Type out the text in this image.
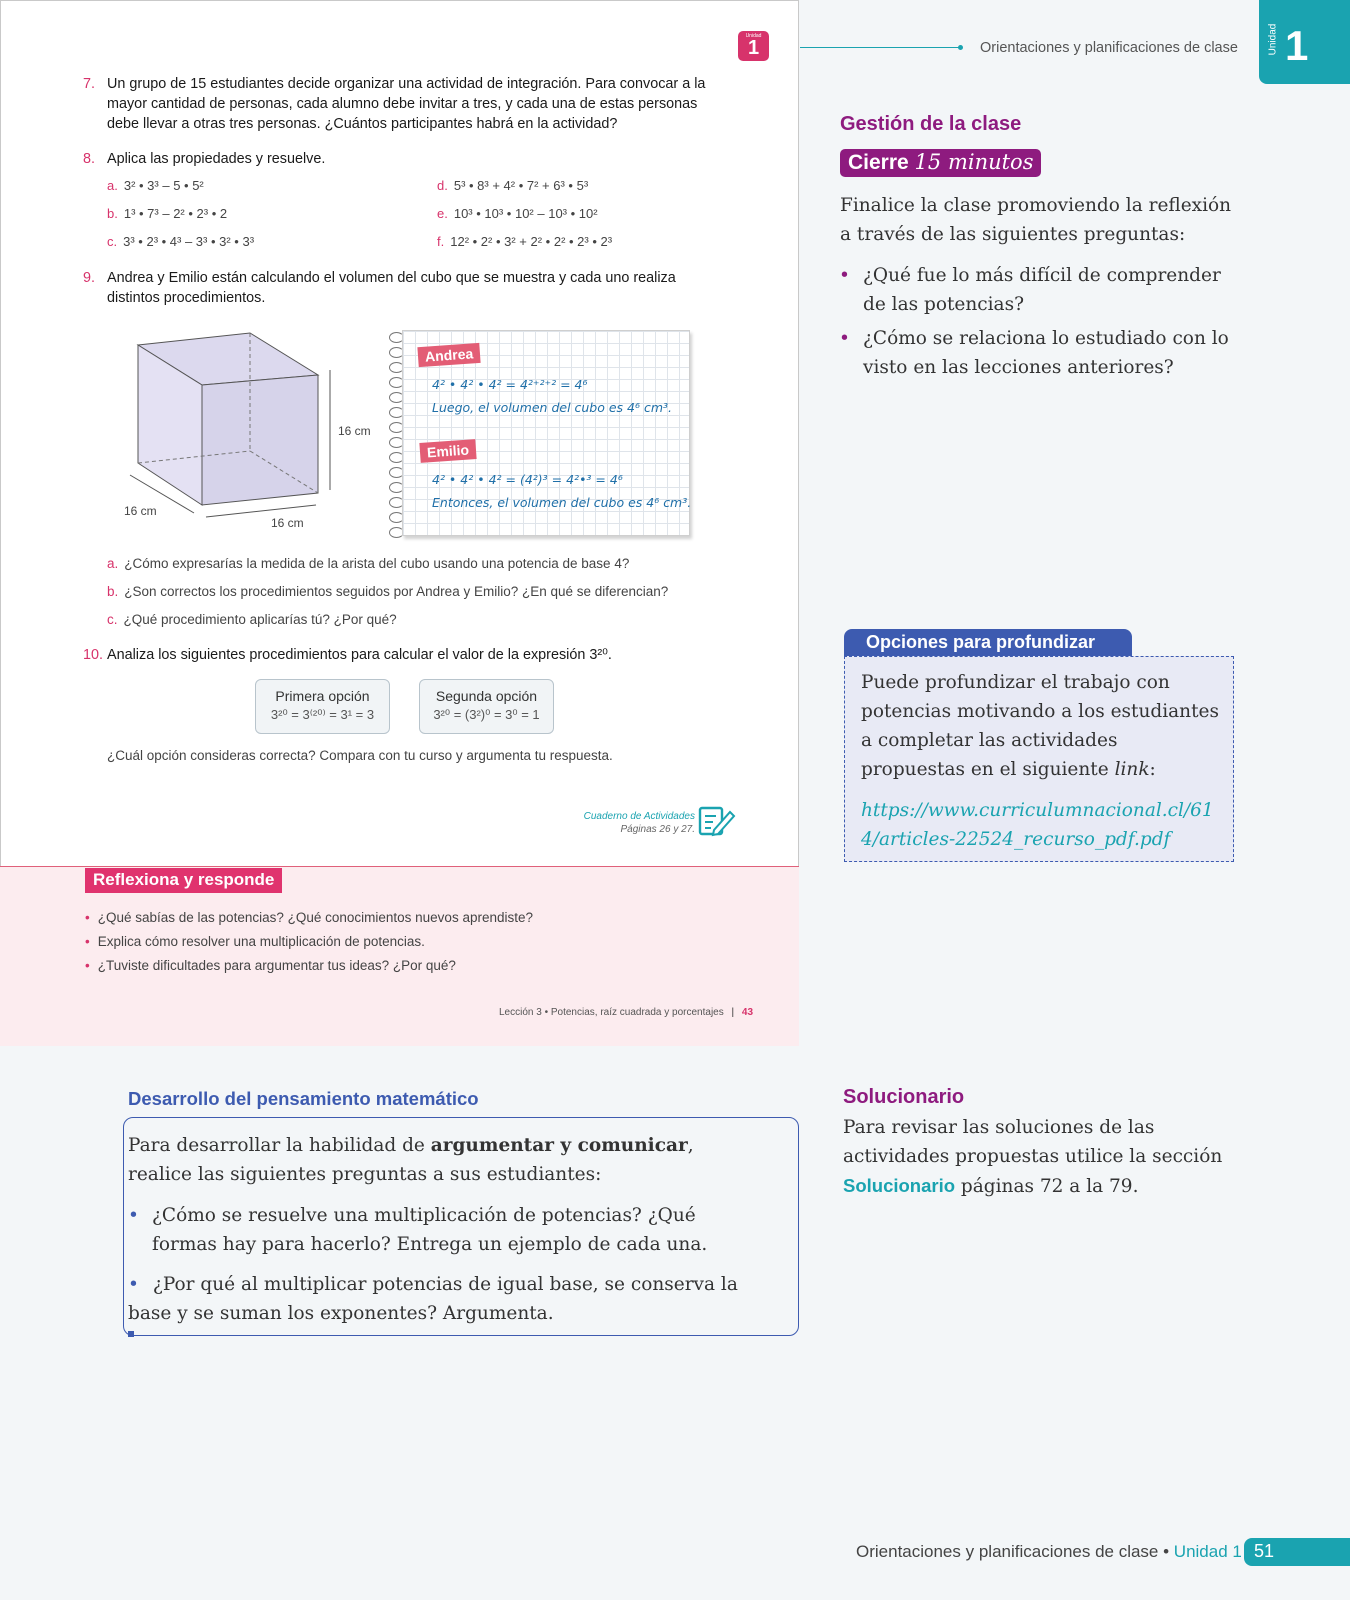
Orientaciones y planificaciones de clase	Unidad 1
Unidad
1
7. Un grupo de 15 estudiantes decide organizar una actividad de integración. Para convocar a la mayor cantidad de personas, cada alumno debe invitar a tres, y cada una de estas personas debe llevar a otras tres personas. ¿Cuántos participantes habrá en la actividad?
8. Aplica las propiedades y resuelve.
a. 3² • 3³ – 5 • 5²
b. 1³ • 7³ – 2² • 2³ • 2
c. 3³ • 2³ • 4³ – 3³ • 3² • 3³
d. 5³ • 8³ + 4² • 7² + 6³ • 5³
e. 10³ • 10³ • 10² – 10³ • 10²
f. 12² • 2² • 3² + 2² • 2² • 2³ • 2³
9. Andrea y Emilio están calculando el volumen del cubo que se muestra y cada uno realiza distintos procedimientos.
16 cm
16 cm
16 cm
Andrea
4² • 4² • 4² = 4²⁺²⁺² = 4⁶
Luego, el volumen del cubo es 4⁶ cm³.
Emilio
4² • 4² • 4² = (4²)³ = 4²•³ = 4⁶
Entonces, el volumen del cubo es 4⁶ cm³.
a. ¿Cómo expresarías la medida de la arista del cubo usando una potencia de base 4?
b. ¿Son correctos los procedimientos seguidos por Andrea y Emilio? ¿En qué se diferencian?
c. ¿Qué procedimiento aplicarías tú? ¿Por qué?
10. Analiza los siguientes procedimientos para calcular el valor de la expresión 3²⁰.
Primera opción
3²⁰ = 3⁽²⁰⁾ = 3¹ = 3
Segunda opción
3²⁰ = (3²)⁰ = 3⁰ = 1
¿Cuál opción consideras correcta? Compara con tu curso y argumenta tu respuesta.
Cuaderno de Actividades
Páginas 26 y 27.
Reflexiona y responde
• ¿Qué sabías de las potencias? ¿Qué conocimientos nuevos aprendiste?
• Explica cómo resolver una multiplicación de potencias.
• ¿Tuviste dificultades para argumentar tus ideas? ¿Por qué?
Lección 3 • Potencias, raíz cuadrada y porcentajes | 43
Gestión de la clase
Cierre 15 minutos
Finalice la clase promoviendo la reflexión a través de las siguientes preguntas:
• ¿Qué fue lo más difícil de comprender de las potencias?
• ¿Cómo se relaciona lo estudiado con lo visto en las lecciones anteriores?
Opciones para profundizar
Puede profundizar el trabajo con potencias motivando a los estudiantes a completar las actividades propuestas en el siguiente link:
https://www.curriculumnacional.cl/614/articles-22524_recurso_pdf.pdf
Desarrollo del pensamiento matemático
Para desarrollar la habilidad de argumentar y comunicar, realice las siguientes preguntas a sus estudiantes:
• ¿Cómo se resuelve una multiplicación de potencias? ¿Qué formas hay para hacerlo? Entrega un ejemplo de cada una.
• ¿Por qué al multiplicar potencias de igual base, se conserva la base y se suman los exponentes? Argumenta.
Solucionario
Para revisar las soluciones de las actividades propuestas utilice la sección Solucionario páginas 72 a la 79.
Orientaciones y planificaciones de clase • Unidad 1 51
